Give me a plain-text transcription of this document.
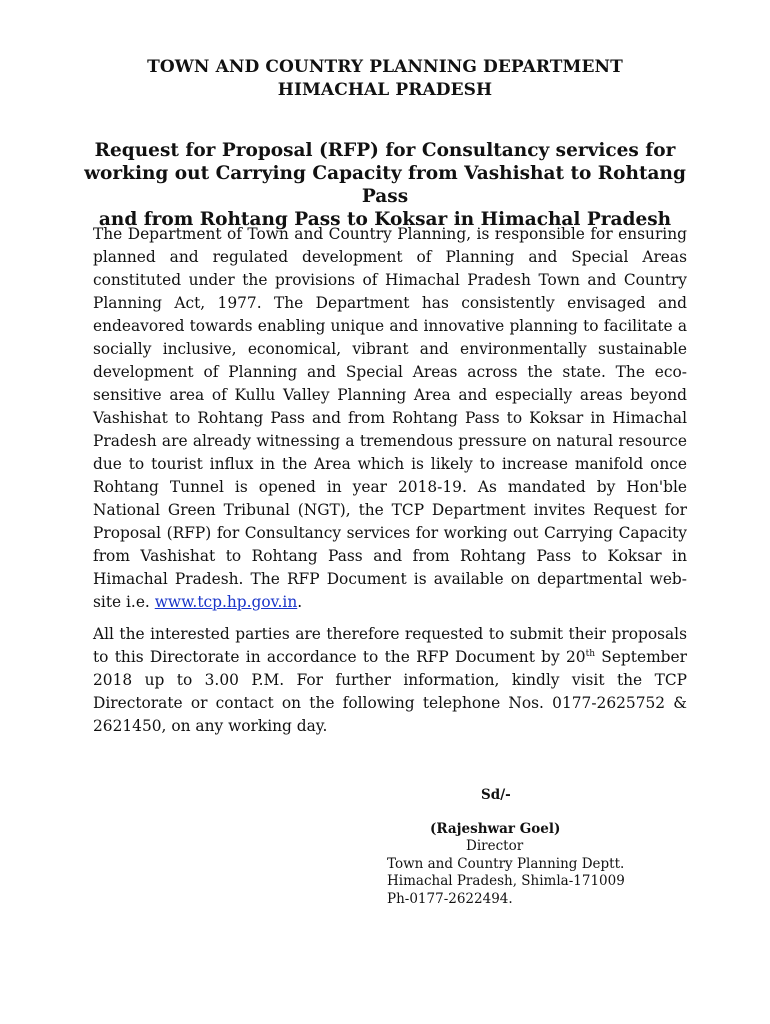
TOWN AND COUNTRY PLANNING DEPARTMENT
HIMACHAL PRADESH
Request for Proposal (RFP) for Consultancy services for
working out Carrying Capacity from Vashishat to Rohtang Pass
and from Rohtang Pass to Koksar in Himachal Pradesh

The Department of Town and Country Planning, is responsible for ensuring planned and regulated development of Planning and Special Areas constituted under the provisions of Himachal Pradesh Town and Country Planning Act, 1977. The Department has consistently envisaged and endeavored towards enabling unique and innovative planning to facilitate a socially inclusive, economical, vibrant and environmentally sustainable development of Planning and Special Areas across the state. The eco-sensitive area of Kullu Valley Planning Area and especially areas beyond Vashishat to Rohtang Pass and from Rohtang Pass to Koksar in Himachal Pradesh are already witnessing a tremendous pressure on natural resource due to tourist influx in the Area which is likely to increase manifold once Rohtang Tunnel is opened in year 2018-19. As mandated by Hon'ble National Green Tribunal (NGT), the TCP Department invites Request for Proposal (RFP) for Consultancy services for working out Carrying Capacity from Vashishat to Rohtang Pass and from Rohtang Pass to Koksar in Himachal Pradesh. The RFP Document is available on departmental web-site i.e. www.tcp.hp.gov.in.

All the interested parties are therefore requested to submit their proposals to this Directorate in accordance to the RFP Document by 20th September 2018 up to 3.00 P.M. For further information, kindly visit the TCP Directorate or contact on the following telephone Nos. 0177-2625752 & 2621450, on any working day.

Sd/-
(Rajeshwar Goel)
Director
Town and Country Planning Deptt.
Himachal Pradesh, Shimla-171009
Ph-0177-2622494.
